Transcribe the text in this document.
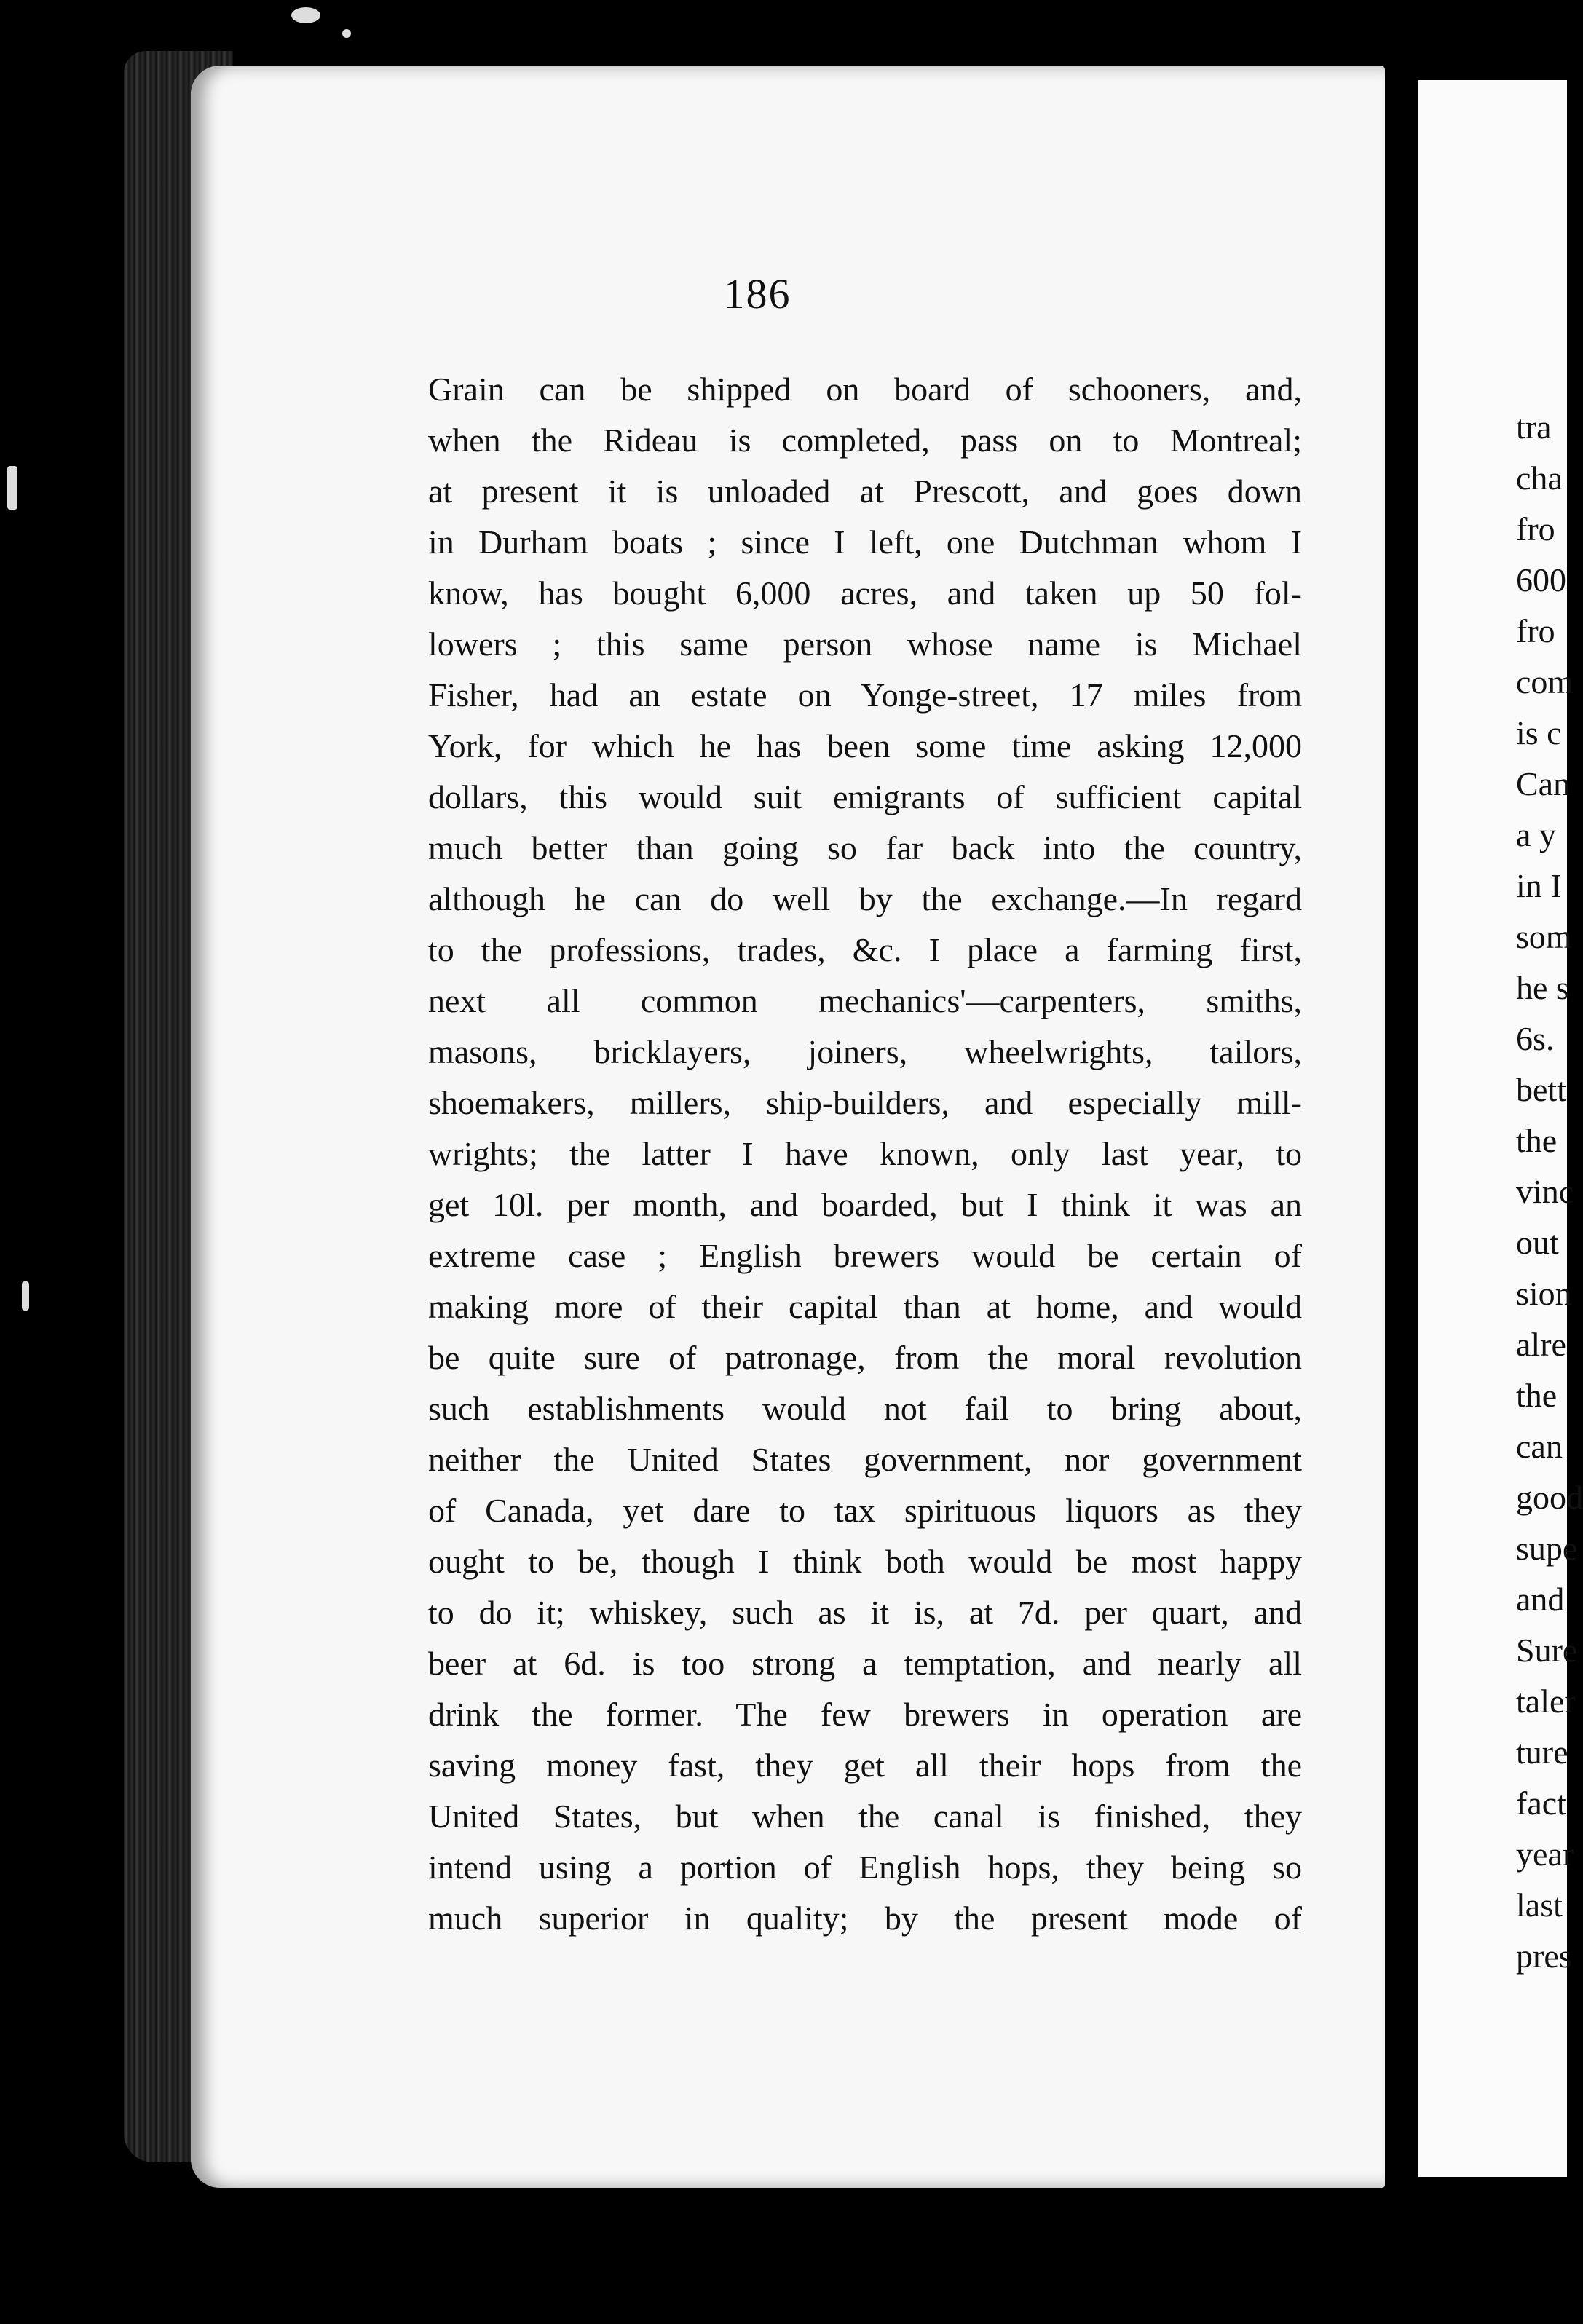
186
Grain can be shipped on board of schooners, and,
when the Rideau is completed, pass on to Montreal;
at present it is unloaded at Prescott, and goes down
in Durham boats ; since I left, one Dutchman whom I
know, has bought 6,000 acres, and taken up 50 fol-
lowers ; this same person whose name is Michael
Fisher, had an estate on Yonge-street, 17 miles from
York, for which he has been some time asking 12,000
dollars, this would suit emigrants of sufficient capital
much better than going so far back into the country,
although he can do well by the exchange.—In regard
to the professions, trades, &c. I place a farming first,
next all common mechanics'—carpenters, smiths,
masons, bricklayers, joiners, wheelwrights, tailors,
shoemakers, millers, ship-builders, and especially mill-
wrights; the latter I have known, only last year, to
get 10l. per month, and boarded, but I think it was an
extreme case ; English brewers would be certain of
making more of their capital than at home, and would
be quite sure of patronage, from the moral revolution
such establishments would not fail to bring about,
neither the United States government, nor government
of Canada, yet dare to tax spirituous liquors as they
ought to be, though I think both would be most happy
to do it; whiskey, such as it is, at 7d. per quart, and
beer at 6d. is too strong a temptation, and nearly all
drink the former. The few brewers in operation are
saving money fast, they get all their hops from the
United States, but when the canal is finished, they
intend using a portion of English hops, they being so
much superior in quality; by the present mode of
tra
cha
fro
600
fro
com
is c
Can
a y
in I
som
he s
6s.
bett
the
vinc
out
sion
alre
the
can
good
supe
and
Sure
taler
ture
fact
year
last
pres
